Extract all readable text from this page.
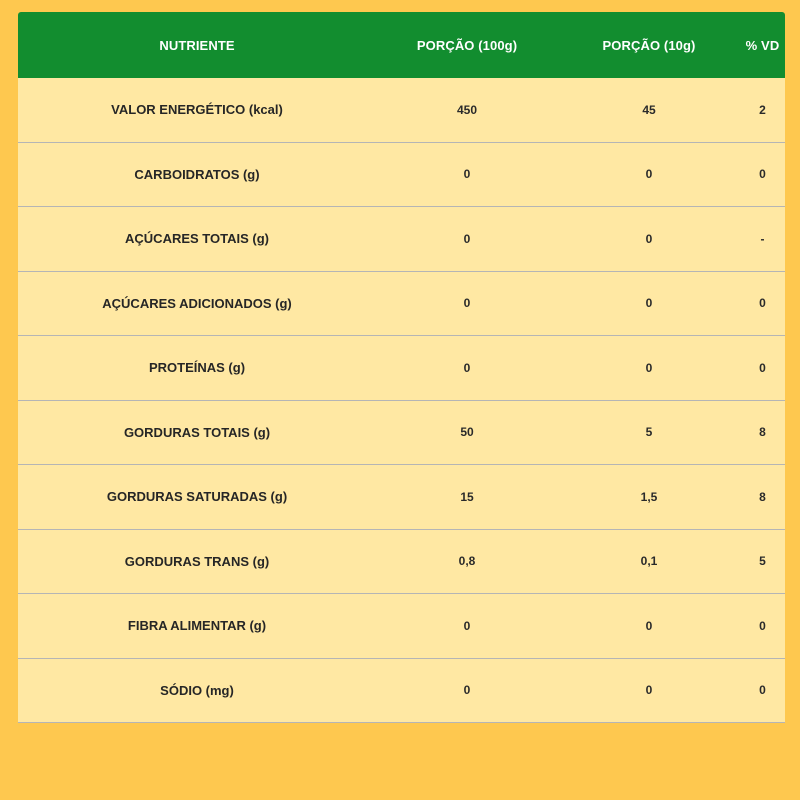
NUTRIENTE	PORÇÃO (100g)	PORÇÃO (10g)	% VD
VALOR ENERGÉTICO (kcal)	450	45	2
CARBOIDRATOS (g)	0	0	0
AÇÚCARES TOTAIS (g)	0	0	-
AÇÚCARES ADICIONADOS (g)	0	0	0
PROTEÍNAS (g)	0	0	0
GORDURAS TOTAIS (g)	50	5	8
GORDURAS SATURADAS (g)	15	1,5	8
GORDURAS TRANS (g)	0,8	0,1	5
FIBRA ALIMENTAR (g)	0	0	0
SÓDIO (mg)	0	0	0
